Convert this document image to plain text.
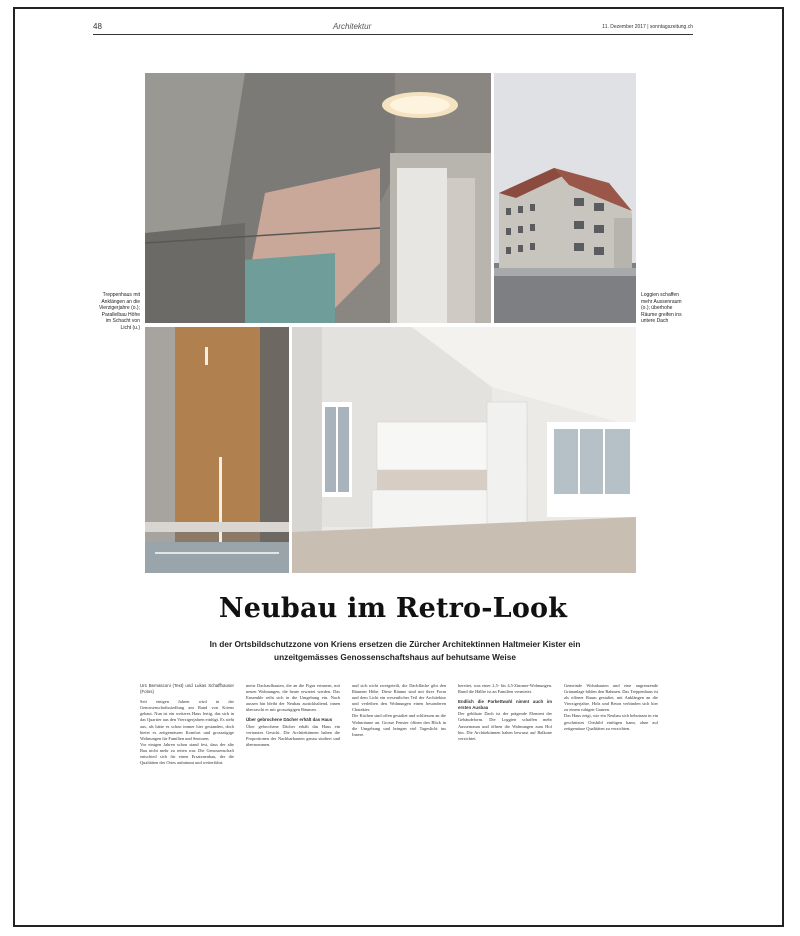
48	Architektur	11. Dezember 2017 | sonntagszeitung.ch
Treppenhaus mit Anklängen an die Vierzigerjahre (o.); Parallelbau Höhe im Schacht von Licht (u.)
Loggien schaffen mehr Aussenraum (o.); überhohe Räume greifen ins untere Dach
Neubau im Retro-Look
In der Ortsbildschutzzone von Kriens ersetzen die Zürcher Architektinnen Haltmeier Kister ein unzeitgemässes Genossenschaftshaus auf behutsame Weise
Urs Bernasconi (Text) und Lukas Schaffhauser (Fotos)

Seit einigen Jahren wird in der Genossenschaftssiedlung am Rand von Kriens gebaut. Nun ist ein weiteres Haus fertig, das sich in das Quartier aus den Vierzigerjahren einfügt. Es sieht aus, als hätte es schon immer hier gestanden, doch bietet es zeitgemässen Komfort und grosszügige Wohnungen für Familien und Senioren.

Vor einigen Jahren schon stand fest, dass der alte Bau nicht mehr zu retten war. Die Genossenschaft entschied sich für einen Ersatzneubau, der die Qualitäten des Ortes aufnimmt und weiterführt.

meist Dachaufbauten, die an die Figur erinnern, mit neuen Wohnungen, die heute erwartet werden. Das Ensemble reiht sich in die Umgebung ein. Nach aussen hin bleibt der Neubau zurückhaltend, innen überrascht er mit grosszügigen Räumen.

Über gebrochene Dächer erhält das Haus

Über gebrochene Dächer erhält das Haus ein vertrautes Gesicht. Die Architektinnen haben die Proportionen der Nachbarbauten genau studiert und übernommen.

und sich nicht zweigeteilt, die Dachfläche gibt den Räumen Höhe. Diese Räume sind mit ihrer Form und dem Licht ein wesentlicher Teil der Architektur und verleihen den Wohnungen einen besonderen Charakter.

Die Küchen sind offen gestaltet und schliessen an die Wohnräume an. Grosse Fenster öffnen den Blick in die Umgebung und bringen viel Tageslicht ins Innere.

bereitet, was einer 2,5- bis 4,5-Zimmer-Wohnungen. Rund die Hälfte ist an Familien vermietet.

Endlich die Parkettwahl nimmt auch im ersten Ausbau

Der gebläute Dach ist der prägende Element der Gebäudeform. Die Loggien schaffen mehr Aussenraum und öffnen die Wohnungen zum Hof hin. Die Architektinnen haben bewusst auf Balkone verzichtet.

Gemeinde Wohnbauten und eine angrenzende Grünanlage bilden den Rahmen. Das Treppenhaus ist als offener Raum gestaltet, mit Anklängen an die Vierzigerjahre. Holz und Beton verbinden sich hier zu einem ruhigen Ganzen.

Das Haus zeigt, wie ein Neubau sich behutsam in ein geschütztes Ortsbild einfügen kann, ohne auf zeitgemässe Qualitäten zu verzichten.
